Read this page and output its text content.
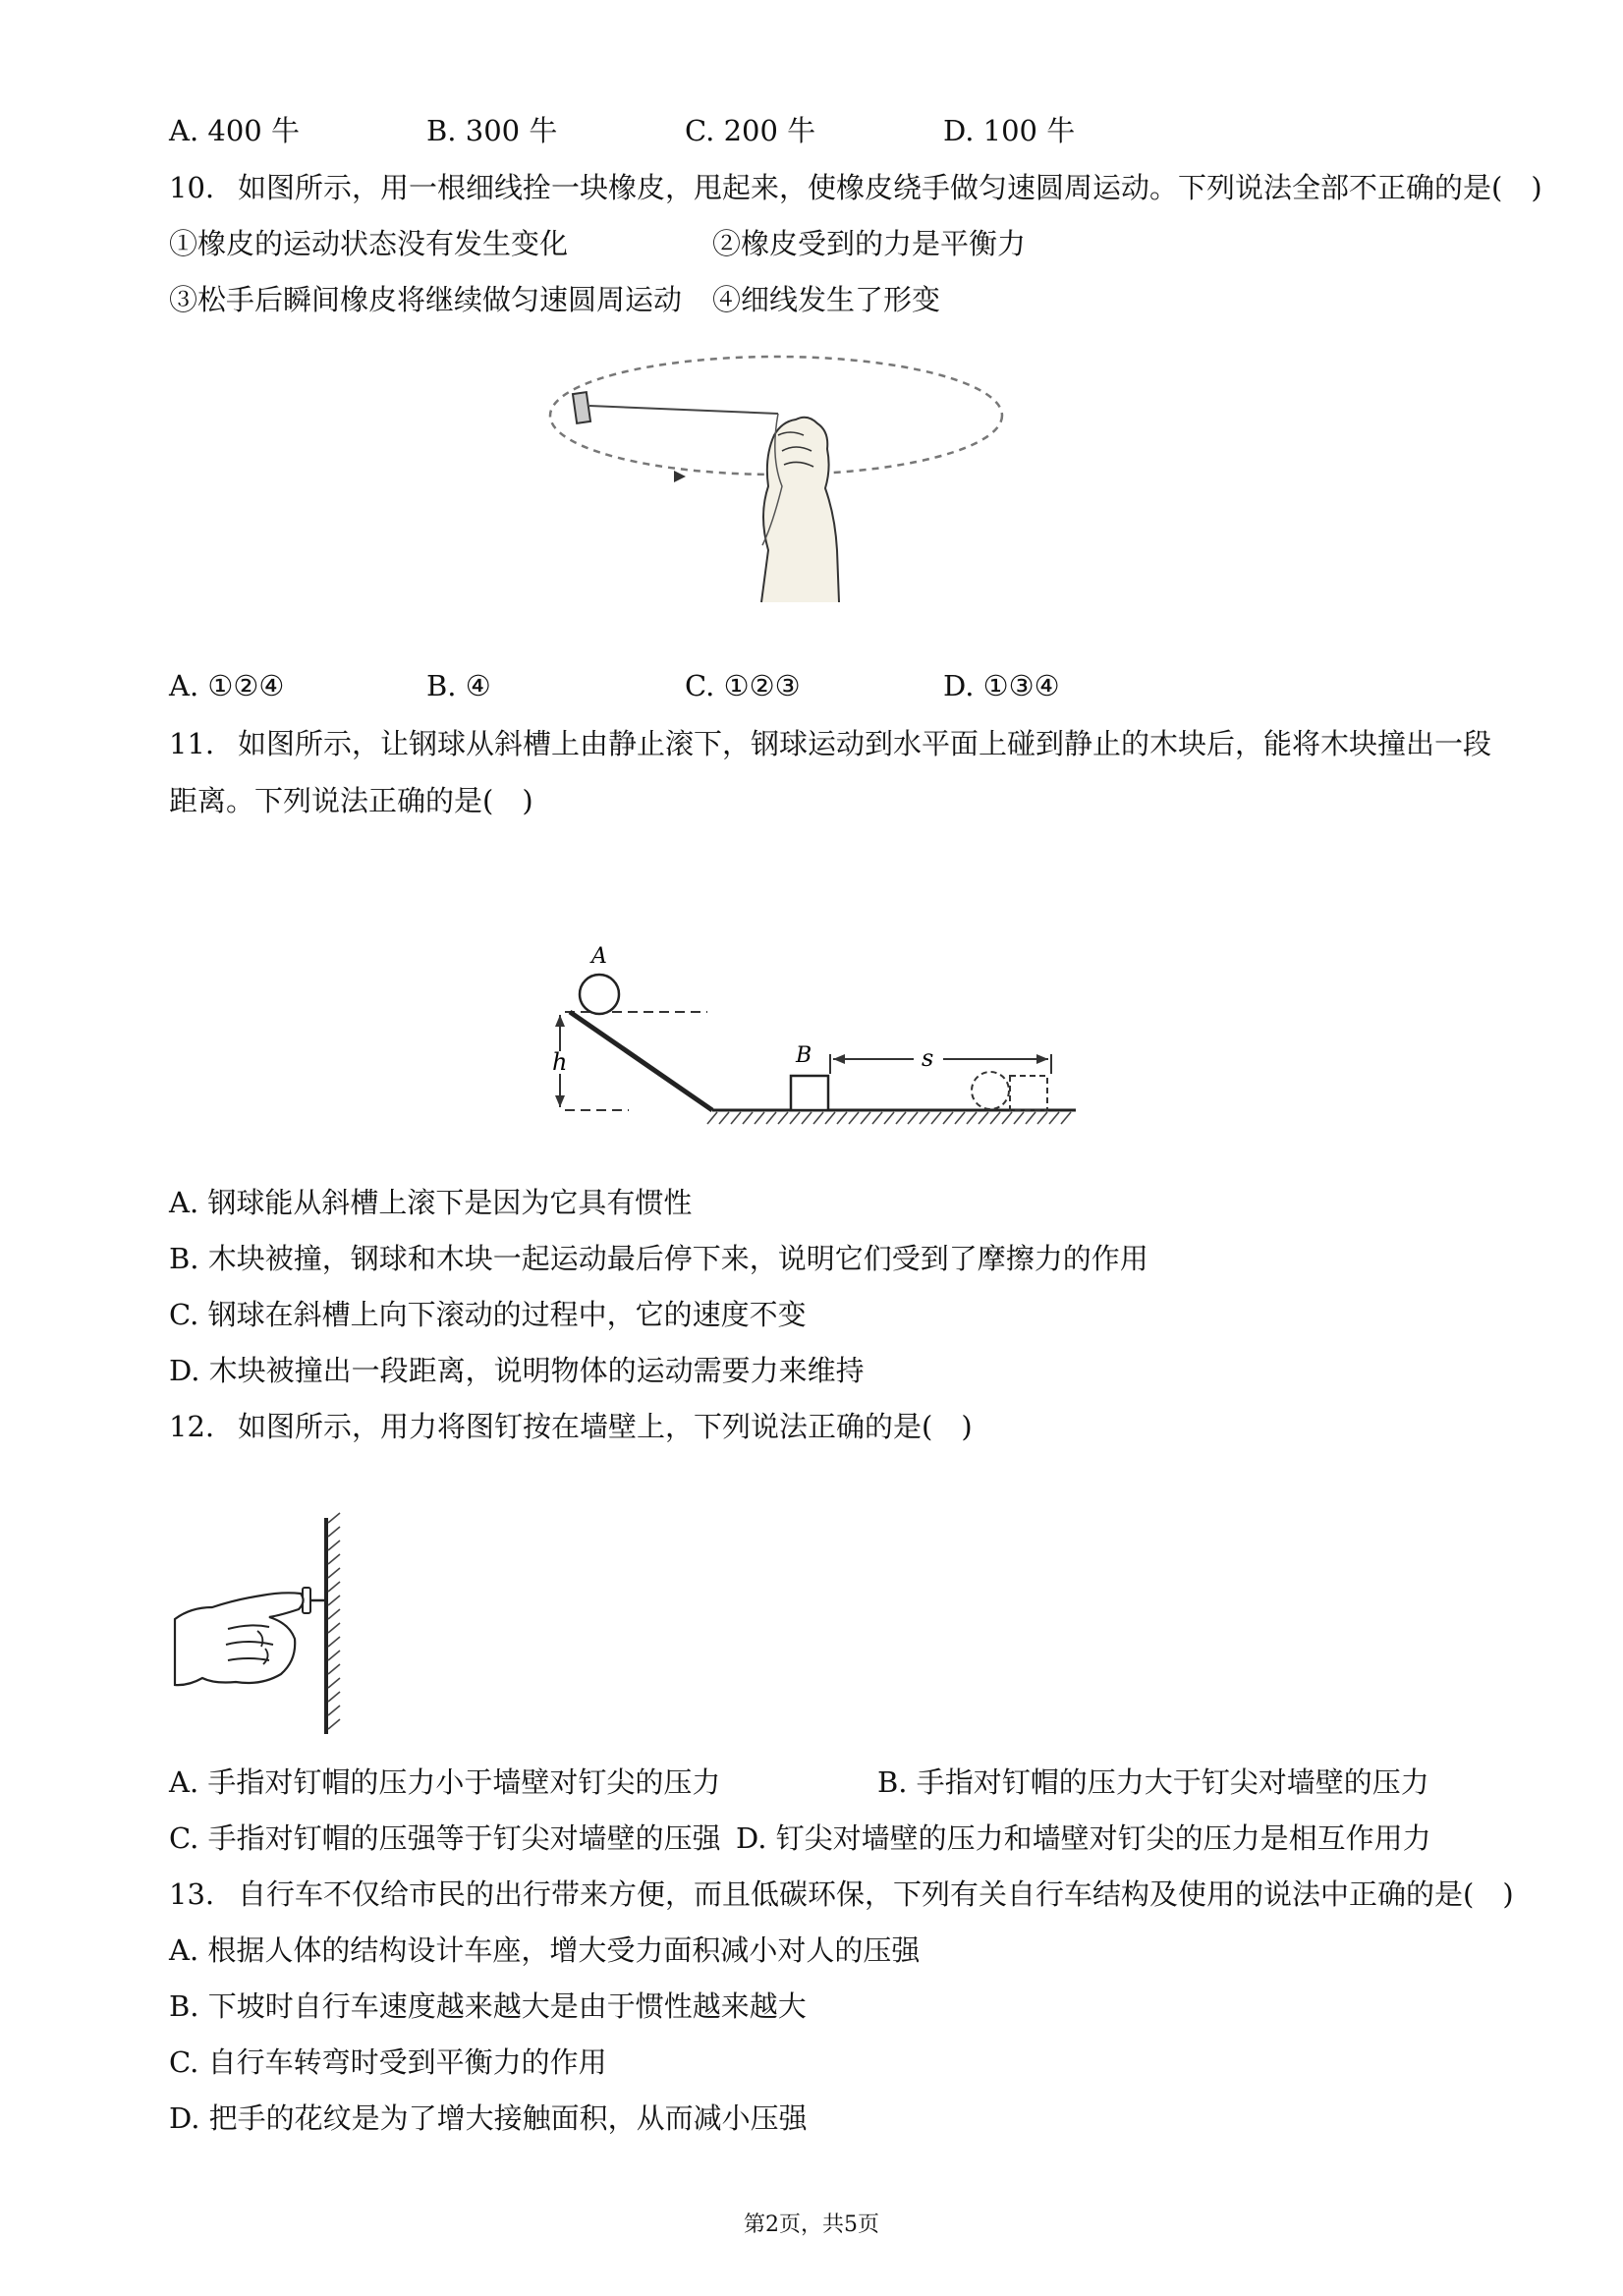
A. 400 牛	B. 300 牛	C. 200 牛	D. 100 牛
10. 如图所示，用一根细线拴一块橡皮，甩起来，使橡皮绕手做匀速圆周运动。下列说法全部不正确的是(　)
①橡皮的运动状态没有发生变化	②橡皮受到的力是平衡力
③松手后瞬间橡皮将继续做匀速圆周运动 ④细线发生了形变
A. ①②④	B. ④	C. ①②③	D. ①③④
11. 如图所示，让钢球从斜槽上由静止滚下，钢球运动到水平面上碰到静止的木块后，能将木块撞出一段
距离。下列说法正确的是(　)
h
A
B	s
A. 钢球能从斜槽上滚下是因为它具有惯性
B. 木块被撞，钢球和木块一起运动最后停下来，说明它们受到了摩擦力的作用
C. 钢球在斜槽上向下滚动的过程中，它的速度不变
D. 木块被撞出一段距离，说明物体的运动需要力来维持
12. 如图所示，用力将图钉按在墙壁上，下列说法正确的是(　)
A. 手指对钉帽的压力小于墙壁对钉尖的压力	B. 手指对钉帽的压力大于钉尖对墙壁的压力
C. 手指对钉帽的压强等于钉尖对墙壁的压强 D. 钉尖对墙壁的压力和墙壁对钉尖的压力是相互作用力
13. 自行车不仅给市民的出行带来方便，而且低碳环保，下列有关自行车结构及使用的说法中正确的是(　)
A. 根据人体的结构设计车座，增大受力面积减小对人的压强
B. 下坡时自行车速度越来越大是由于惯性越来越大
C. 自行车转弯时受到平衡力的作用
D. 把手的花纹是为了增大接触面积，从而减小压强
第2页，共5页
